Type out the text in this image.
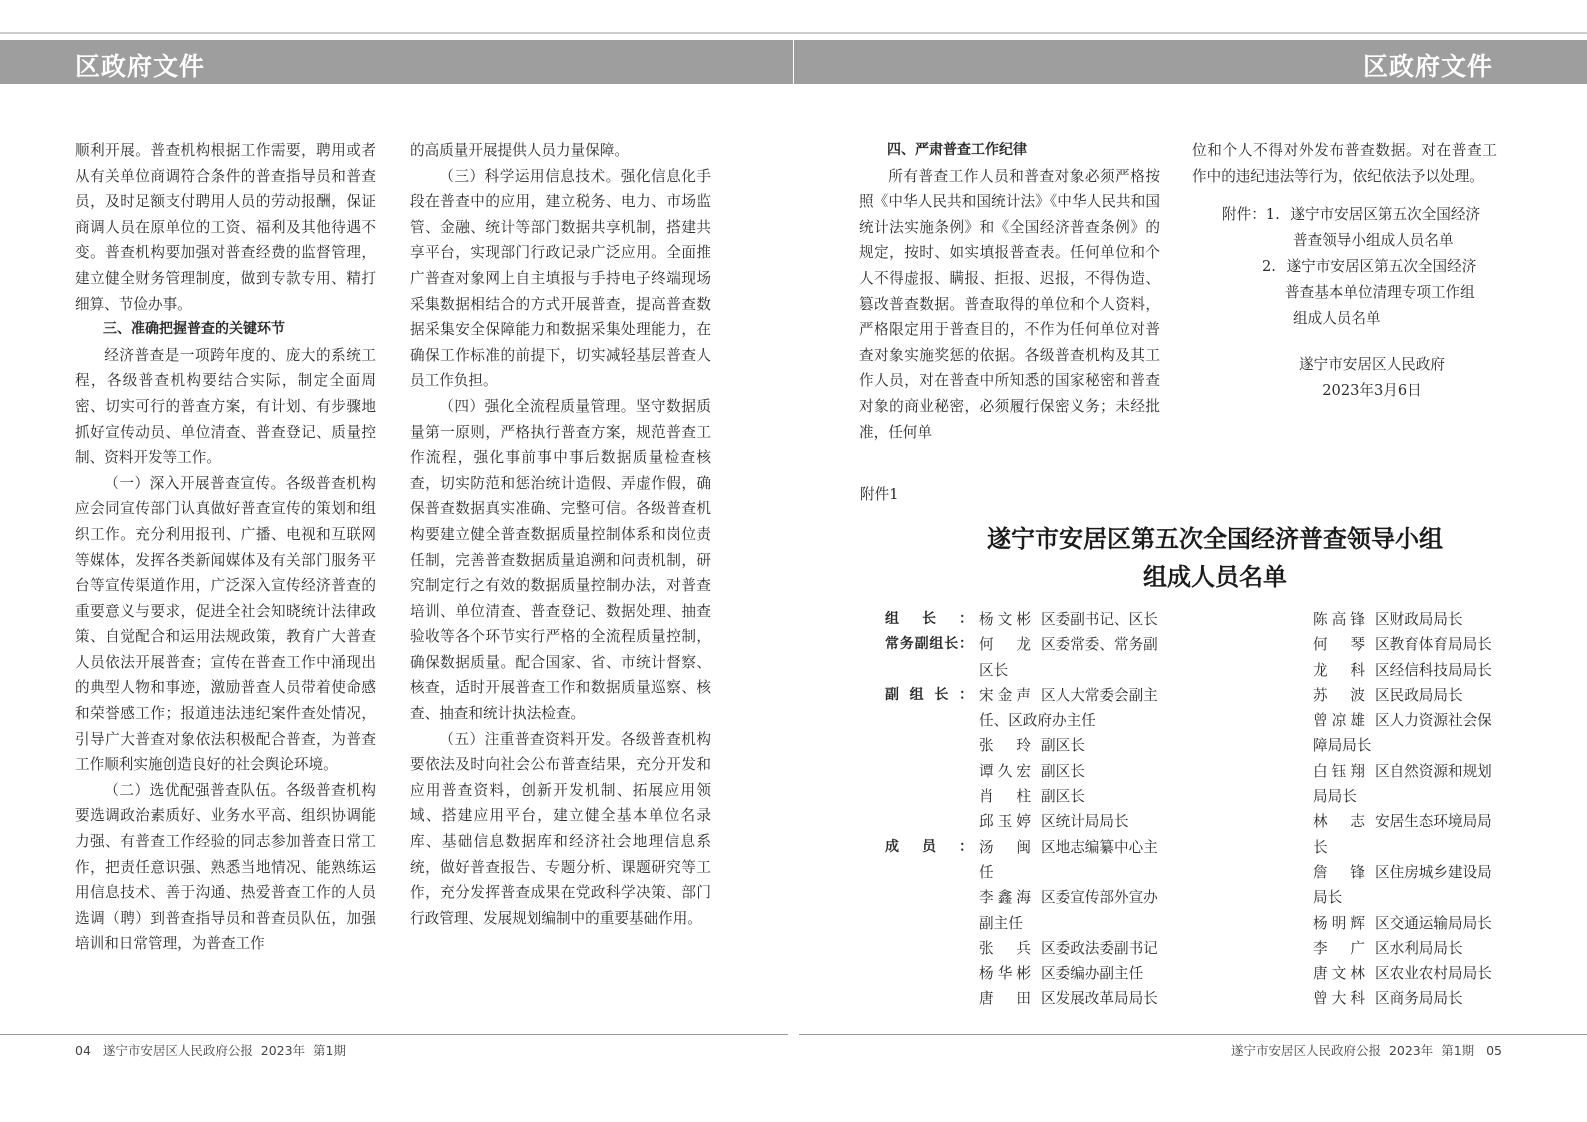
区政府文件	区政府文件

顺利开展。普查机构根据工作需要，聘用或者从有关单位商调符合条件的普查指导员和普查员，及时足额支付聘用人员的劳动报酬，保证商调人员在原单位的工资、福利及其他待遇不变。普查机构要加强对普查经费的监督管理，建立健全财务管理制度，做到专款专用、精打细算、节俭办事。

三、准确把握普查的关键环节

经济普查是一项跨年度的、庞大的系统工程，各级普查机构要结合实际，制定全面周密、切实可行的普查方案，有计划、有步骤地抓好宣传动员、单位清查、普查登记、质量控制、资料开发等工作。

（一）深入开展普查宣传。各级普查机构应会同宣传部门认真做好普查宣传的策划和组织工作。充分利用报刊、广播、电视和互联网等媒体，发挥各类新闻媒体及有关部门服务平台等宣传渠道作用，广泛深入宣传经济普查的重要意义与要求，促进全社会知晓统计法律政策、自觉配合和运用法规政策，教育广大普查人员依法开展普查；宣传在普查工作中涌现出的典型人物和事迹，激励普查人员带着使命感和荣誉感工作；报道违法违纪案件查处情况，引导广大普查对象依法积极配合普查，为普查工作顺利实施创造良好的社会舆论环境。

（二）选优配强普查队伍。各级普查机构要选调政治素质好、业务水平高、组织协调能力强、有普查工作经验的同志参加普查日常工作，把责任意识强、熟悉当地情况、能熟练运用信息技术、善于沟通、热爱普查工作的人员选调（聘）到普查指导员和普查员队伍，加强培训和日常管理，为普查工作

的高质量开展提供人员力量保障。

（三）科学运用信息技术。强化信息化手段在普查中的应用，建立税务、电力、市场监管、金融、统计等部门数据共享机制，搭建共享平台，实现部门行政记录广泛应用。全面推广普查对象网上自主填报与手持电子终端现场采集数据相结合的方式开展普查，提高普查数据采集安全保障能力和数据采集处理能力，在确保工作标准的前提下，切实减轻基层普查人员工作负担。

（四）强化全流程质量管理。坚守数据质量第一原则，严格执行普查方案，规范普查工作流程，强化事前事中事后数据质量检查核查，切实防范和惩治统计造假、弄虚作假，确保普查数据真实准确、完整可信。各级普查机构要建立健全普查数据质量控制体系和岗位责任制，完善普查数据质量追溯和问责机制，研究制定行之有效的数据质量控制办法，对普查培训、单位清查、普查登记、数据处理、抽查验收等各个环节实行严格的全流程质量控制，确保数据质量。配合国家、省、市统计督察、核查，适时开展普查工作和数据质量巡察、核查、抽查和统计执法检查。

（五）注重普查资料开发。各级普查机构要依法及时向社会公布普查结果，充分开发和应用普查资料，创新开发机制、拓展应用领域、搭建应用平台，建立健全基本单位名录库、基础信息数据库和经济社会地理信息系统，做好普查报告、专题分析、课题研究等工作，充分发挥普查成果在党政科学决策、部门行政管理、发展规划编制中的重要基础作用。

四、严肃普查工作纪律

所有普查工作人员和普查对象必须严格按照《中华人民共和国统计法》《中华人民共和国统计法实施条例》和《全国经济普查条例》的规定，按时、如实填报普查表。任何单位和个人不得虚报、瞒报、拒报、迟报，不得伪造、篡改普查数据。普查取得的单位和个人资料，严格限定用于普查目的，不作为任何单位对普查对象实施奖惩的依据。各级普查机构及其工作人员，对在普查中所知悉的国家秘密和普查对象的商业秘密，必须履行保密义务；未经批准，任何单

位和个人不得对外发布普查数据。对在普查工作中的违纪违法等行为，依纪依法予以处理。

附件：1. 遂宁市安居区第五次全国经济
普查领导小组成人员名单
2. 遂宁市安居区第五次全国经济
普查基本单位清理专项工作组
组成人员名单
遂宁市安居区人民政府
2023年3月6日
附件1
遂宁市安居区第五次全国经济普查领导小组
组成人员名单
组长： 杨文彬 区委副书记、区长
常务副组长： 何龙 区委常委、常务副
区长
副组长： 宋金声 区人大常委会副主
任、区政府办主任
张玲 副区长
谭久宏 副区长
肖柱 副区长
邱玉婷 区统计局局长
成员： 汤闽 区地志编纂中心主
任
李鑫海 区委宣传部外宣办
副主任
张兵 区委政法委副书记
杨华彬 区委编办副主任
唐田 区发展改革局局长
陈高锋 区财政局局长
何琴 区教育体育局局长
龙科 区经信科技局局长
苏波 区民政局局长
曾凉雄 区人力资源社会保
障局局长
白钰翔 区自然资源和规划
局局长
林志 安居生态环境局局
长
詹锋 区住房城乡建设局
局长
杨明辉 区交通运输局局长
李广 区水利局局长
唐文林 区农业农村局局长
曾大科 区商务局局长
04   遂宁市安居区人民政府公报  2023年  第1期	遂宁市安居区人民政府公报  2023年  第1期   05
